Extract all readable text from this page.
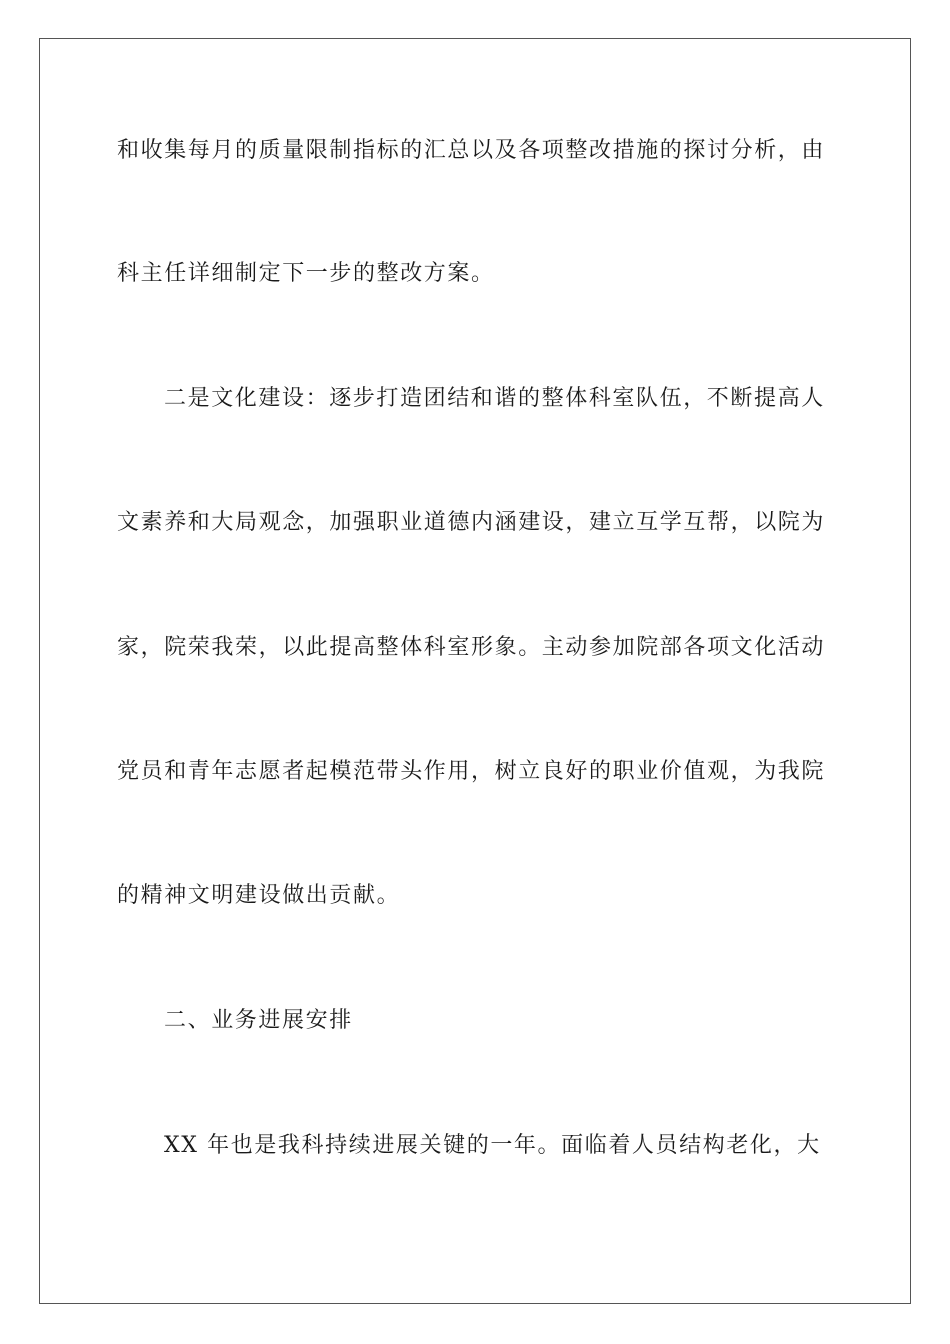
和收集每月的质量限制指标的汇总以及各项整改措施的探讨分析，由
科主任详细制定下一步的整改方案。
二是文化建设：逐步打造团结和谐的整体科室队伍，不断提高人
文素养和大局观念，加强职业道德内涵建设，建立互学互帮，以院为
家，院荣我荣，以此提高整体科室形象。主动参加院部各项文化活动
党员和青年志愿者起模范带头作用，树立良好的职业价值观，为我院
的精神文明建设做出贡献。
二、业务进展安排
XX 年也是我科持续进展关键的一年。面临着人员结构老化，大
